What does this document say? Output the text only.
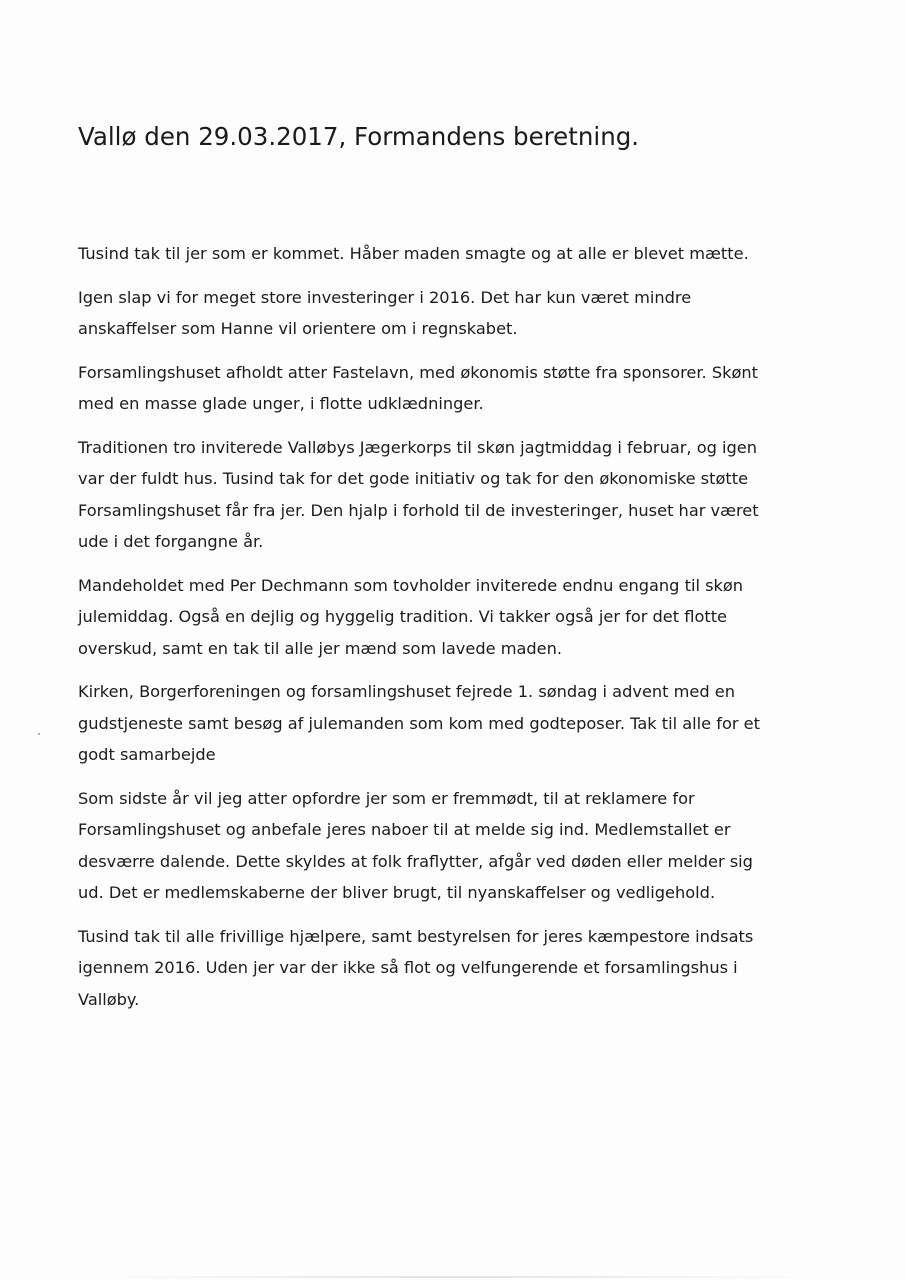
Vallø den 29.03.2017, Formandens beretning.

Tusind tak til jer som er kommet. Håber maden smagte og at alle er blevet mætte.

Igen slap vi for meget store investeringer i 2016. Det har kun været mindre
anskaffelser som Hanne vil orientere om i regnskabet.

Forsamlingshuset afholdt atter Fastelavn, med økonomis støtte fra sponsorer. Skønt
med en masse glade unger, i flotte udklædninger.

Traditionen tro inviterede Valløbys Jægerkorps til skøn jagtmiddag i februar, og igen
var der fuldt hus. Tusind tak for det gode initiativ og tak for den økonomiske støtte
Forsamlingshuset får fra jer. Den hjalp i forhold til de investeringer, huset har været
ude i det forgangne år.

Mandeholdet med Per Dechmann som tovholder inviterede endnu engang til skøn
julemiddag. Også en dejlig og hyggelig tradition. Vi takker også jer for det flotte
overskud, samt en tak til alle jer mænd som lavede maden.

Kirken, Borgerforeningen og forsamlingshuset fejrede 1. søndag i advent med en
gudstjeneste samt besøg af julemanden som kom med godteposer. Tak til alle for et
godt samarbejde

Som sidste år vil jeg atter opfordre jer som er fremmødt, til at reklamere for
Forsamlingshuset og anbefale jeres naboer til at melde sig ind. Medlemstallet er
desværre dalende. Dette skyldes at folk fraflytter, afgår ved døden eller melder sig
ud. Det er medlemskaberne der bliver brugt, til nyanskaffelser og vedligehold.

Tusind tak til alle frivillige hjælpere, samt bestyrelsen for jeres kæmpestore indsats
igennem 2016. Uden jer var der ikke så flot og velfungerende et forsamlingshus i
Valløby.
